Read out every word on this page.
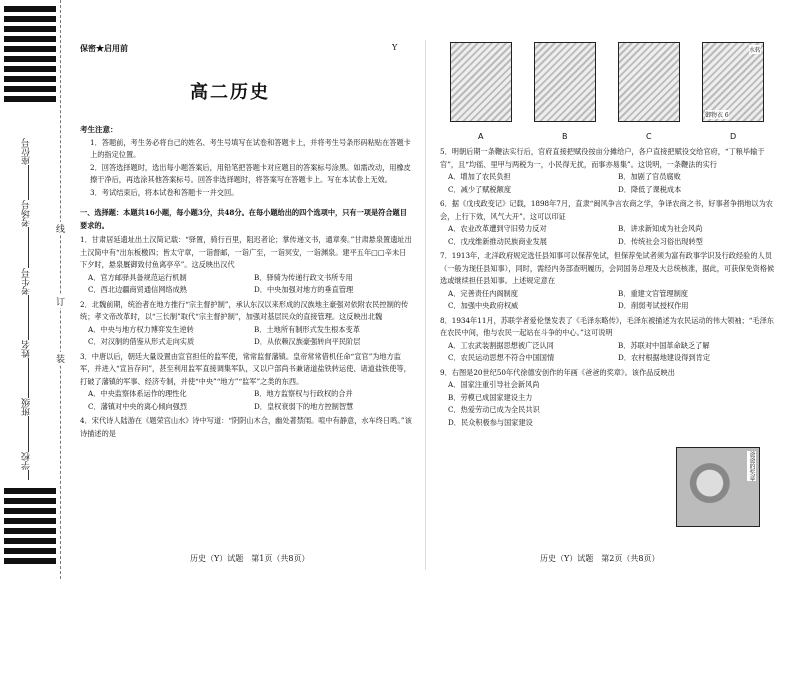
座位号
考场号
考生号
姓名
班级
学校
线
订
装
保密★启用前	Y
高二历史
考生注意：
1．答题前，考生务必将自己的姓名、考生号填写在试卷和答题卡上，并将考生号条形码粘贴在答题卡上的指定位置。
2．回答选择题时，选出每小题答案后，用铅笔把答题卡对应题目的答案标号涂黑。如需改动，用橡皮擦干净后，再选涂其他答案标号。回答非选择题时，将答案写在答题卡上。写在本试卷上无效。
3．考试结束后，将本试卷和答题卡一并交回。
一、选择题：本题共16小题，每小题3分，共48分。在每小题给出的四个选项中，只有一项是符合题目要求的。
1．甘肃居延遗址出土汉简记载：“驿置，骑行百里，阻迟者论；掌传递文书，通章奏。”甘肃悬泉置遗址出土汉简中有“出东板檄四；皆太守章，一诣督邮，一诣广至，一诣冥安，一诣渊泉。建平五年□□辛未日下夕时，悬泉厩御致付鱼离亭卒”。这反映出汉代
A．官方邮驿具备规范运行机制	B．驿骑为传递行政文书所专用
C．西北边疆商贸通信网络成熟	D．中央加强对地方的垂直管理
2．北魏前期，统治者在地方推行“宗主督护制”，承认东汉以来形成的汉族地主豪强对依附农民控制的传统；孝文帝改革时，以“三长制”取代“宗主督护制”，加强对基层民众的直接管理。这反映出北魏
A．中央与地方权力博弈发生逆转	B．土地所有制形式发生根本变革
C．对汉制的借鉴从形式走向实质	D．从依赖汉族豪强转向平民阶层
3．中唐以后，朝廷大量设置由宣官担任的监军使，常常监督藩镇。皇帝常常借机任命“宣官”为地方监军，并进入“宣旨存问”，甚至利用监军直接调集军队，又以户部尚书兼诸道盐铁转运使、诸道盐铁使等，打破了藩镇的军事、经济专制，并使“中央”“地方”“监军”之类的东西。
A．中央监察体系运作的理性化	B．地方监察权与行政权的合并
C．藩镇对中央的离心倾向强烈	D．皇权衰弱下的地方控制智慧
4．宋代诗人陆游在《题荣宫山水》诗中写道：“阴阴山木合，幽处著禁闱。喧中有静意，水车终日鸣。”该诗描述的是
水转
御物衣 6
A	B	C	D
5．明朝后期一条鞭法实行后，官府直接把赋役按亩分摊给户，各户直接把赋役交给官府，“丁粮毕输于官”，且“均徭、里甲与两税为一，小民得无扰，而事亦易集”。这说明，一条鞭法的实行
A．增加了农民负担	B．加剧了官员腐败
C．减少了赋税额度	D．降低了课税成本
6．据《戊戌政变记》记载，1898年7月，直隶“闽风争言农商之学，争译农商之书，好事者争捐地以为农会，上行下效，风气大开”。这可以印证
A．农业改革遭到守旧势力反对	B．讲求新知成为社会风尚
C．戊戌维新推动民族商业发展	D．传统社会习俗出现转型
7．1913年，北洋政府规定选任县知事可以保荐免试，但保荐免试者须为富有政事学识及行政经验的人员（一般为现任县知事），同时，需经内务部查明履历，会同国务总理及大总统核准，据此，可获保免资格候选或继续担任县知事。上述规定意在
A．完善责任内阁制度	B．重建文官管理制度
C．加强中央政府权威	D．削弱考试授权作用
8．1934年11月，苏联学者爱伦堡发表了《毛泽东略传》，毛泽东被描述为农民运动的伟大领袖；“毛泽东在农民中间，他与农民一起站在斗争的中心。”这可说明
A．工农武装割据思想被广泛认同	B．苏联对中国革命缺乏了解
C．农民运动思想不符合中国国情	D．农村根据地建设得到肯定
9．右图是20世纪50年代徐德安创作的年画《爸爸的奖章》。该作品反映出
A．国家注重引导社会新风尚
B．劳模已成国家建设主力
C．热爱劳动已成为全民共识
D．民众积极参与国家建设
爸爸的奖章
历史（Y）试题　第1页（共8页）	历史（Y）试题　第2页（共8页）
